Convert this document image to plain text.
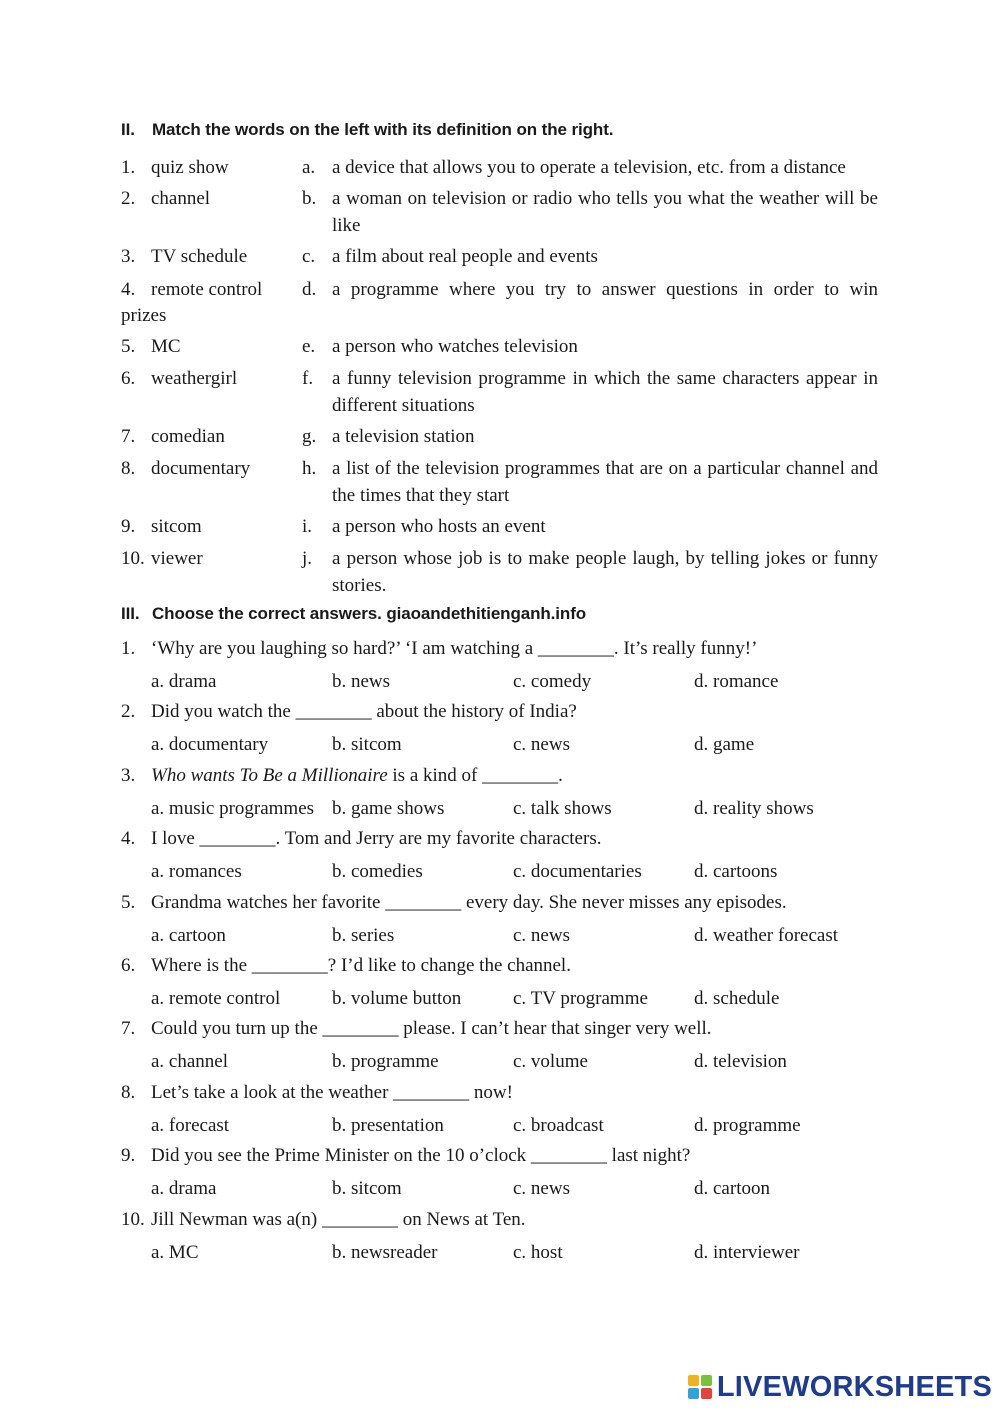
II. Match the words on the left with its definition on the right.
1. quiz show	a. a device that allows you to operate a television, etc. from a distance
2. channel	b. a woman on television or radio who tells you what the weather will be like
3. TV schedule	c. a film about real people and events
4. remote control d. a programme where you try to answer questions in order to win
prizes
5. MC	e. a person who watches television
6. weathergirl	f. a funny television programme in which the same characters appear in different situations
7. comedian	g. a television station
8. documentary	h. a list of the television programmes that are on a particular channel and the times that they start
9. sitcom	i. a person who hosts an event
10. viewer	j. a person whose job is to make people laugh, by telling jokes or funny stories.
III. Choose the correct answers. giaoandethitienganh.info
1. ‘Why are you laughing so hard?’ ‘I am watching a ________. It’s really funny!’
a. drama	b. news	c. comedy	d. romance
2. Did you watch the ________ about the history of India?
a. documentary	b. sitcom	c. news	d. game
3. Who wants To Be a Millionaire is a kind of ________.
a. music programmes b. game shows	c. talk shows	d. reality shows
4. I love ________. Tom and Jerry are my favorite characters.
a. romances	b. comedies	c. documentaries	d. cartoons
5. Grandma watches her favorite ________ every day. She never misses any episodes.
a. cartoon	b. series	c. news	d. weather forecast
6. Where is the ________? I’d like to change the channel.
a. remote control	b. volume button	c. TV programme d. schedule
7. Could you turn up the ________ please. I can’t hear that singer very well.
a. channel	b. programme	c. volume	d. television
8. Let’s take a look at the weather ________ now!
a. forecast	b. presentation	c. broadcast	d. programme
9. Did you see the Prime Minister on the 10 o’clock ________ last night?
a. drama	b. sitcom	c. news	d. cartoon
10. Jill Newman was a(n) ________ on News at Ten.
a. MC	b. newsreader	c. host	d. interviewer
LIVEWORKSHEETS
